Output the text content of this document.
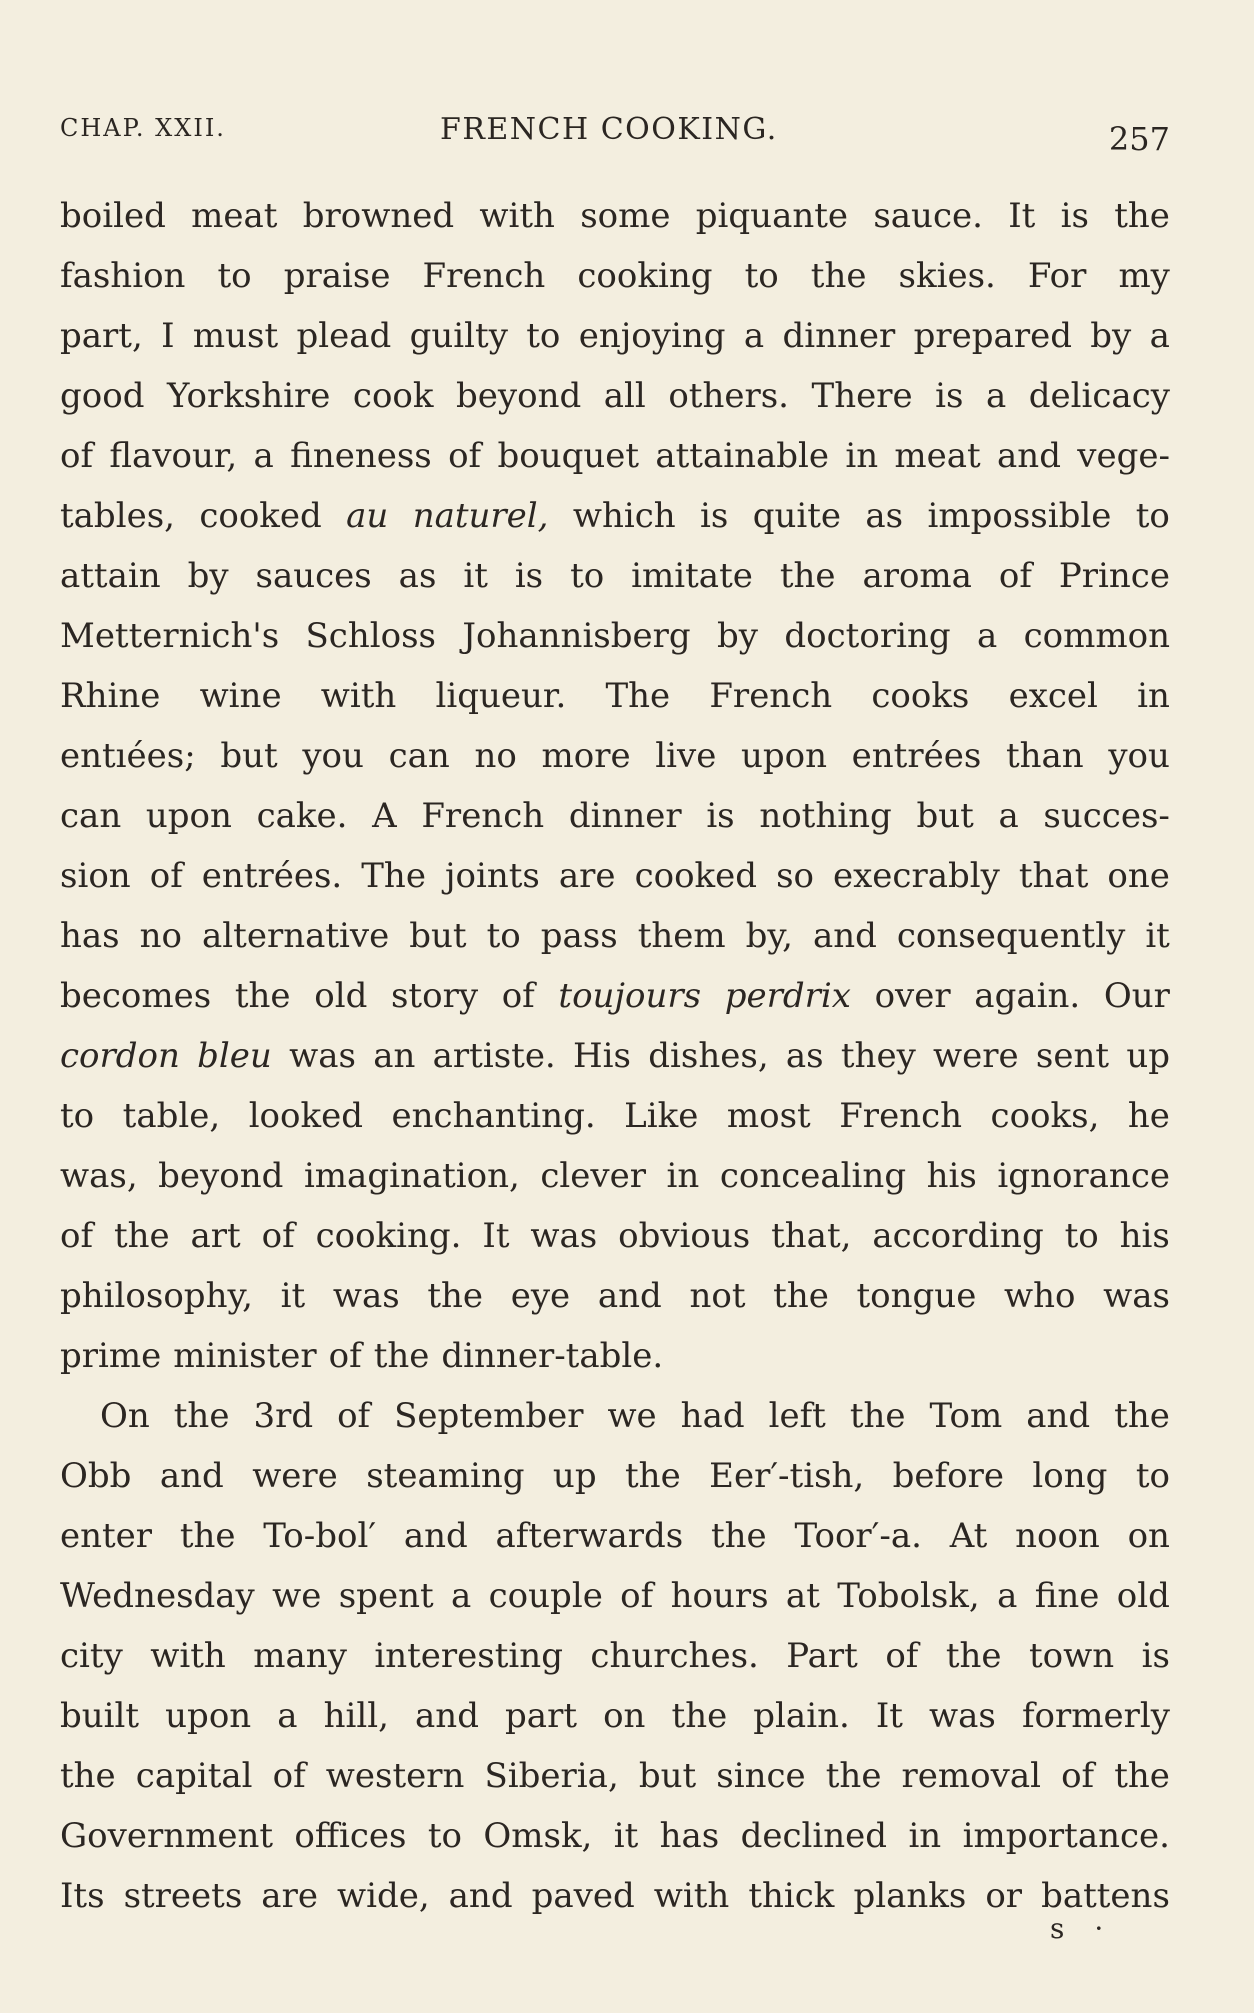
CHAP. XXII.	FRENCH COOKING.	257
boiled meat browned with some piquante sauce. It is the
fashion to praise French cooking to the skies. For my
part, I must plead guilty to enjoying a dinner prepared by a
good Yorkshire cook beyond all others. There is a delicacy
of flavour, a fineness of bouquet attainable in meat and vege-
tables, cooked au naturel, which is quite as impossible to
attain by sauces as it is to imitate the aroma of Prince
Metternich's Schloss Johannisberg by doctoring a common
Rhine wine with liqueur. The French cooks excel in
entıées; but you can no more live upon entrées than you
can upon cake. A French dinner is nothing but a succes-
sion of entrées. The joints are cooked so execrably that one
has no alternative but to pass them by, and consequently it
becomes the old story of toujours perdrix over again. Our
cordon bleu was an artiste. His dishes, as they were sent up
to table, looked enchanting. Like most French cooks, he
was, beyond imagination, clever in concealing his ignorance
of the art of cooking. It was obvious that, according to his
philosophy, it was the eye and not the tongue who was
prime minister of the dinner-table.
On the 3rd of September we had left the Tom and the
Obb and were steaming up the Eer′-tish, before long to
enter the To-bol′ and afterwards the Toor′-a. At noon on
Wednesday we spent a couple of hours at Tobolsk, a fine old
city with many interesting churches. Part of the town is
built upon a hill, and part on the plain. It was formerly
the capital of western Siberia, but since the removal of the
Government offices to Omsk, it has declined in importance.
Its streets are wide, and paved with thick planks or battens
s·
